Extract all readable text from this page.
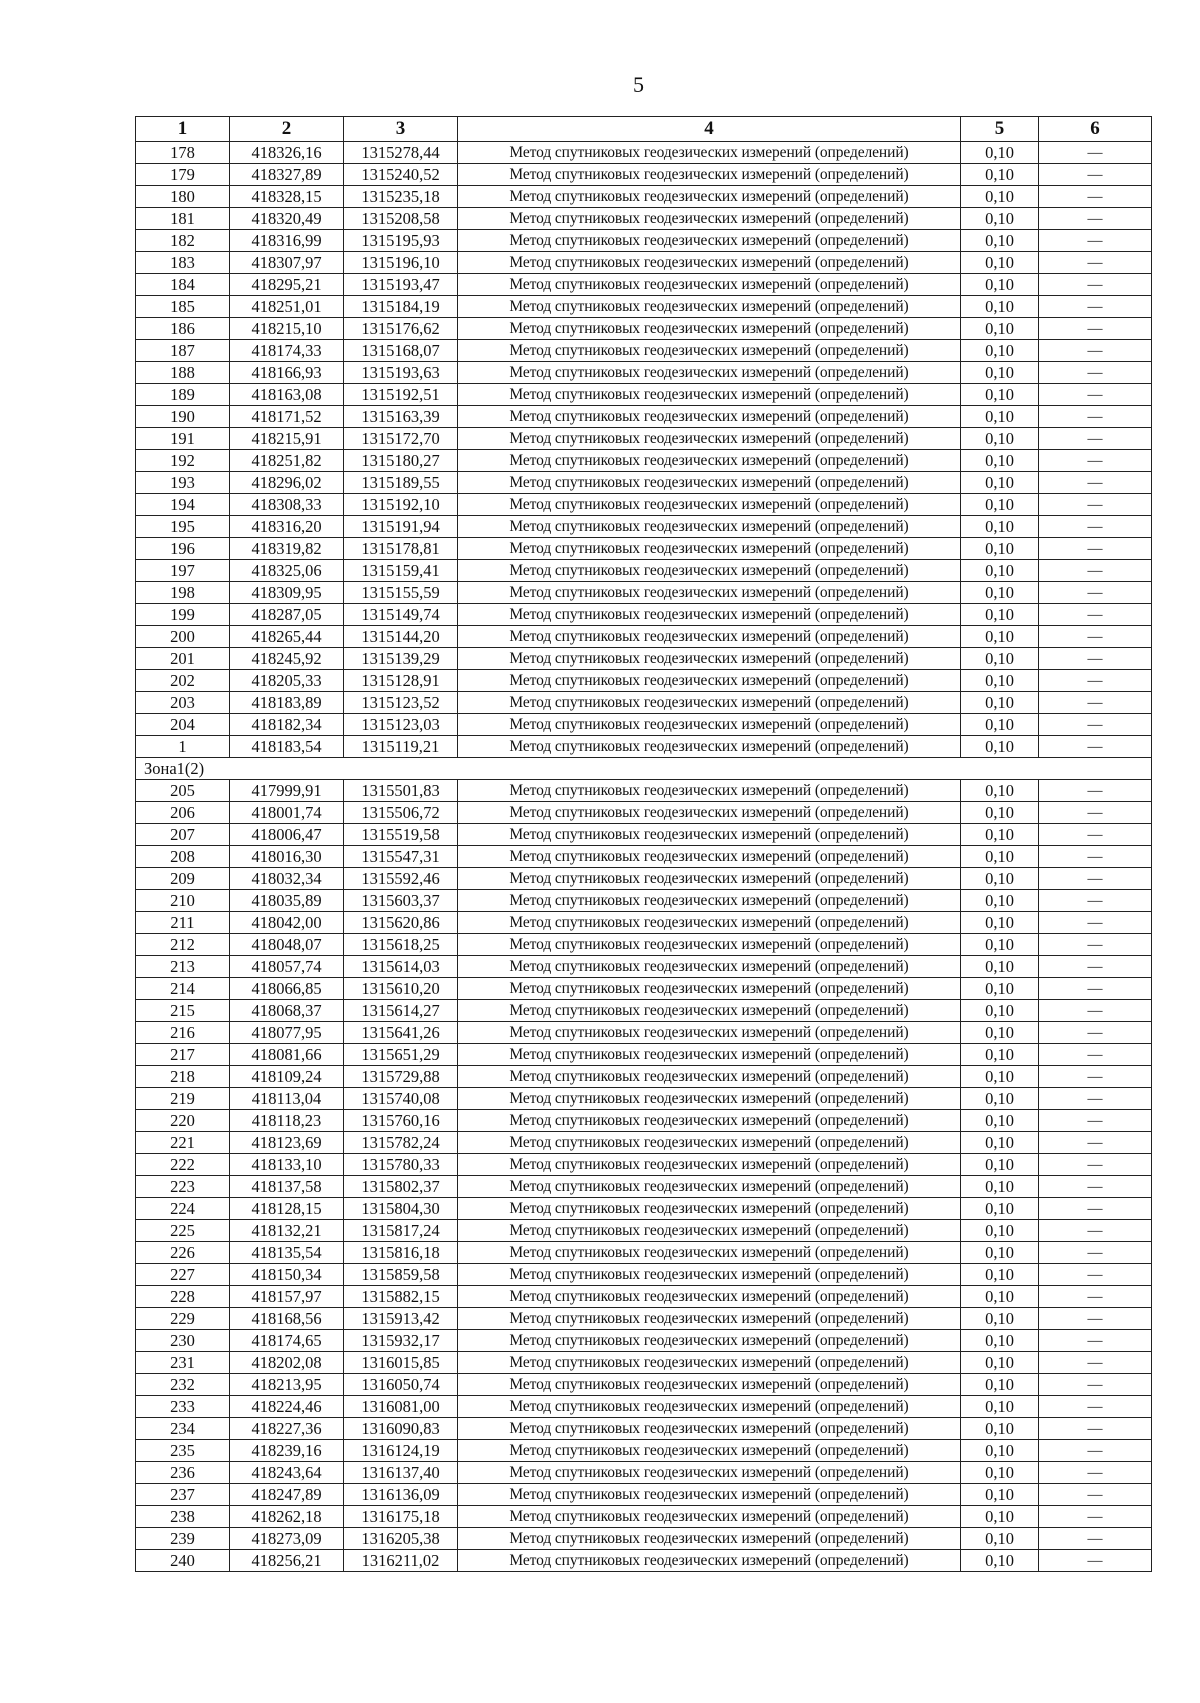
5
1	2	3	4	5	6
178	418326,16	1315278,44	Метод спутниковых геодезических измерений (определений)	0,10	—
179	418327,89	1315240,52	Метод спутниковых геодезических измерений (определений)	0,10	—
180	418328,15	1315235,18	Метод спутниковых геодезических измерений (определений)	0,10	—
181	418320,49	1315208,58	Метод спутниковых геодезических измерений (определений)	0,10	—
182	418316,99	1315195,93	Метод спутниковых геодезических измерений (определений)	0,10	—
183	418307,97	1315196,10	Метод спутниковых геодезических измерений (определений)	0,10	—
184	418295,21	1315193,47	Метод спутниковых геодезических измерений (определений)	0,10	—
185	418251,01	1315184,19	Метод спутниковых геодезических измерений (определений)	0,10	—
186	418215,10	1315176,62	Метод спутниковых геодезических измерений (определений)	0,10	—
187	418174,33	1315168,07	Метод спутниковых геодезических измерений (определений)	0,10	—
188	418166,93	1315193,63	Метод спутниковых геодезических измерений (определений)	0,10	—
189	418163,08	1315192,51	Метод спутниковых геодезических измерений (определений)	0,10	—
190	418171,52	1315163,39	Метод спутниковых геодезических измерений (определений)	0,10	—
191	418215,91	1315172,70	Метод спутниковых геодезических измерений (определений)	0,10	—
192	418251,82	1315180,27	Метод спутниковых геодезических измерений (определений)	0,10	—
193	418296,02	1315189,55	Метод спутниковых геодезических измерений (определений)	0,10	—
194	418308,33	1315192,10	Метод спутниковых геодезических измерений (определений)	0,10	—
195	418316,20	1315191,94	Метод спутниковых геодезических измерений (определений)	0,10	—
196	418319,82	1315178,81	Метод спутниковых геодезических измерений (определений)	0,10	—
197	418325,06	1315159,41	Метод спутниковых геодезических измерений (определений)	0,10	—
198	418309,95	1315155,59	Метод спутниковых геодезических измерений (определений)	0,10	—
199	418287,05	1315149,74	Метод спутниковых геодезических измерений (определений)	0,10	—
200	418265,44	1315144,20	Метод спутниковых геодезических измерений (определений)	0,10	—
201	418245,92	1315139,29	Метод спутниковых геодезических измерений (определений)	0,10	—
202	418205,33	1315128,91	Метод спутниковых геодезических измерений (определений)	0,10	—
203	418183,89	1315123,52	Метод спутниковых геодезических измерений (определений)	0,10	—
204	418182,34	1315123,03	Метод спутниковых геодезических измерений (определений)	0,10	—
1	418183,54	1315119,21	Метод спутниковых геодезических измерений (определений)	0,10	—
Зона1(2)					
205	417999,91	1315501,83	Метод спутниковых геодезических измерений (определений)	0,10	—
206	418001,74	1315506,72	Метод спутниковых геодезических измерений (определений)	0,10	—
207	418006,47	1315519,58	Метод спутниковых геодезических измерений (определений)	0,10	—
208	418016,30	1315547,31	Метод спутниковых геодезических измерений (определений)	0,10	—
209	418032,34	1315592,46	Метод спутниковых геодезических измерений (определений)	0,10	—
210	418035,89	1315603,37	Метод спутниковых геодезических измерений (определений)	0,10	—
211	418042,00	1315620,86	Метод спутниковых геодезических измерений (определений)	0,10	—
212	418048,07	1315618,25	Метод спутниковых геодезических измерений (определений)	0,10	—
213	418057,74	1315614,03	Метод спутниковых геодезических измерений (определений)	0,10	—
214	418066,85	1315610,20	Метод спутниковых геодезических измерений (определений)	0,10	—
215	418068,37	1315614,27	Метод спутниковых геодезических измерений (определений)	0,10	—
216	418077,95	1315641,26	Метод спутниковых геодезических измерений (определений)	0,10	—
217	418081,66	1315651,29	Метод спутниковых геодезических измерений (определений)	0,10	—
218	418109,24	1315729,88	Метод спутниковых геодезических измерений (определений)	0,10	—
219	418113,04	1315740,08	Метод спутниковых геодезических измерений (определений)	0,10	—
220	418118,23	1315760,16	Метод спутниковых геодезических измерений (определений)	0,10	—
221	418123,69	1315782,24	Метод спутниковых геодезических измерений (определений)	0,10	—
222	418133,10	1315780,33	Метод спутниковых геодезических измерений (определений)	0,10	—
223	418137,58	1315802,37	Метод спутниковых геодезических измерений (определений)	0,10	—
224	418128,15	1315804,30	Метод спутниковых геодезических измерений (определений)	0,10	—
225	418132,21	1315817,24	Метод спутниковых геодезических измерений (определений)	0,10	—
226	418135,54	1315816,18	Метод спутниковых геодезических измерений (определений)	0,10	—
227	418150,34	1315859,58	Метод спутниковых геодезических измерений (определений)	0,10	—
228	418157,97	1315882,15	Метод спутниковых геодезических измерений (определений)	0,10	—
229	418168,56	1315913,42	Метод спутниковых геодезических измерений (определений)	0,10	—
230	418174,65	1315932,17	Метод спутниковых геодезических измерений (определений)	0,10	—
231	418202,08	1316015,85	Метод спутниковых геодезических измерений (определений)	0,10	—
232	418213,95	1316050,74	Метод спутниковых геодезических измерений (определений)	0,10	—
233	418224,46	1316081,00	Метод спутниковых геодезических измерений (определений)	0,10	—
234	418227,36	1316090,83	Метод спутниковых геодезических измерений (определений)	0,10	—
235	418239,16	1316124,19	Метод спутниковых геодезических измерений (определений)	0,10	—
236	418243,64	1316137,40	Метод спутниковых геодезических измерений (определений)	0,10	—
237	418247,89	1316136,09	Метод спутниковых геодезических измерений (определений)	0,10	—
238	418262,18	1316175,18	Метод спутниковых геодезических измерений (определений)	0,10	—
239	418273,09	1316205,38	Метод спутниковых геодезических измерений (определений)	0,10	—
240	418256,21	1316211,02	Метод спутниковых геодезических измерений (определений)	0,10	—
